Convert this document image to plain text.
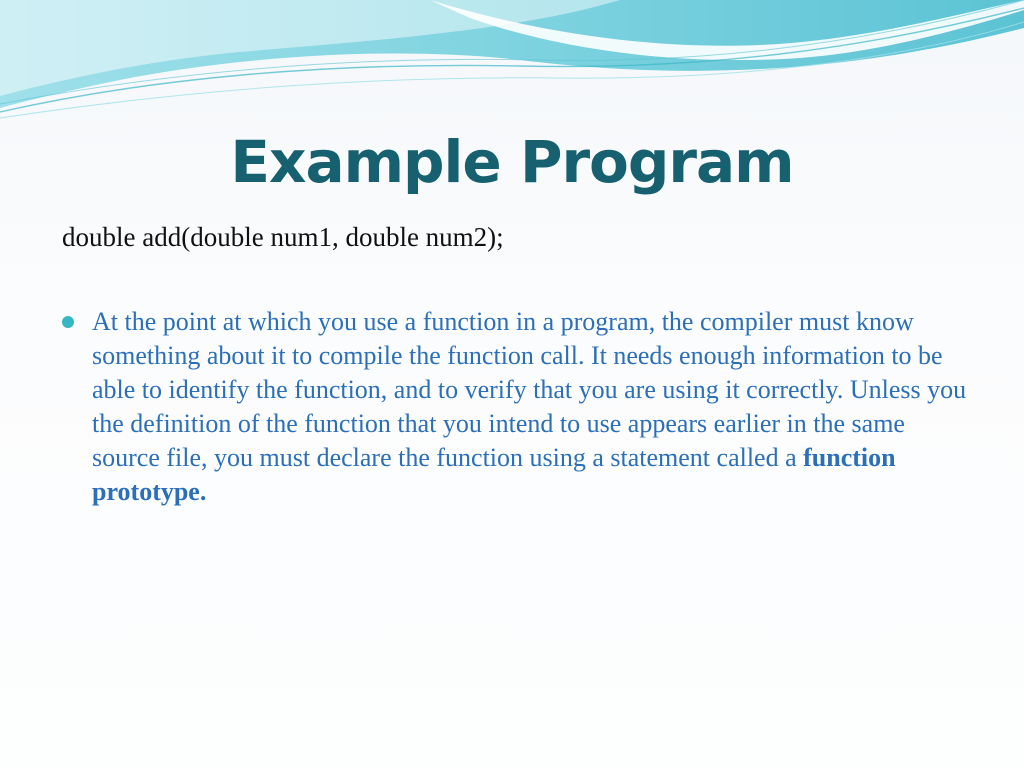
Example Program
double add(double num1, double num2);
At the point at which you use a function in a program, the compiler must know something about it to compile the function call. It needs enough information to be able to identify the function, and to verify that you are using it correctly. Unless you the definition of the function that you intend to use appears earlier in the same source file, you must declare the function using a statement called a function prototype.
